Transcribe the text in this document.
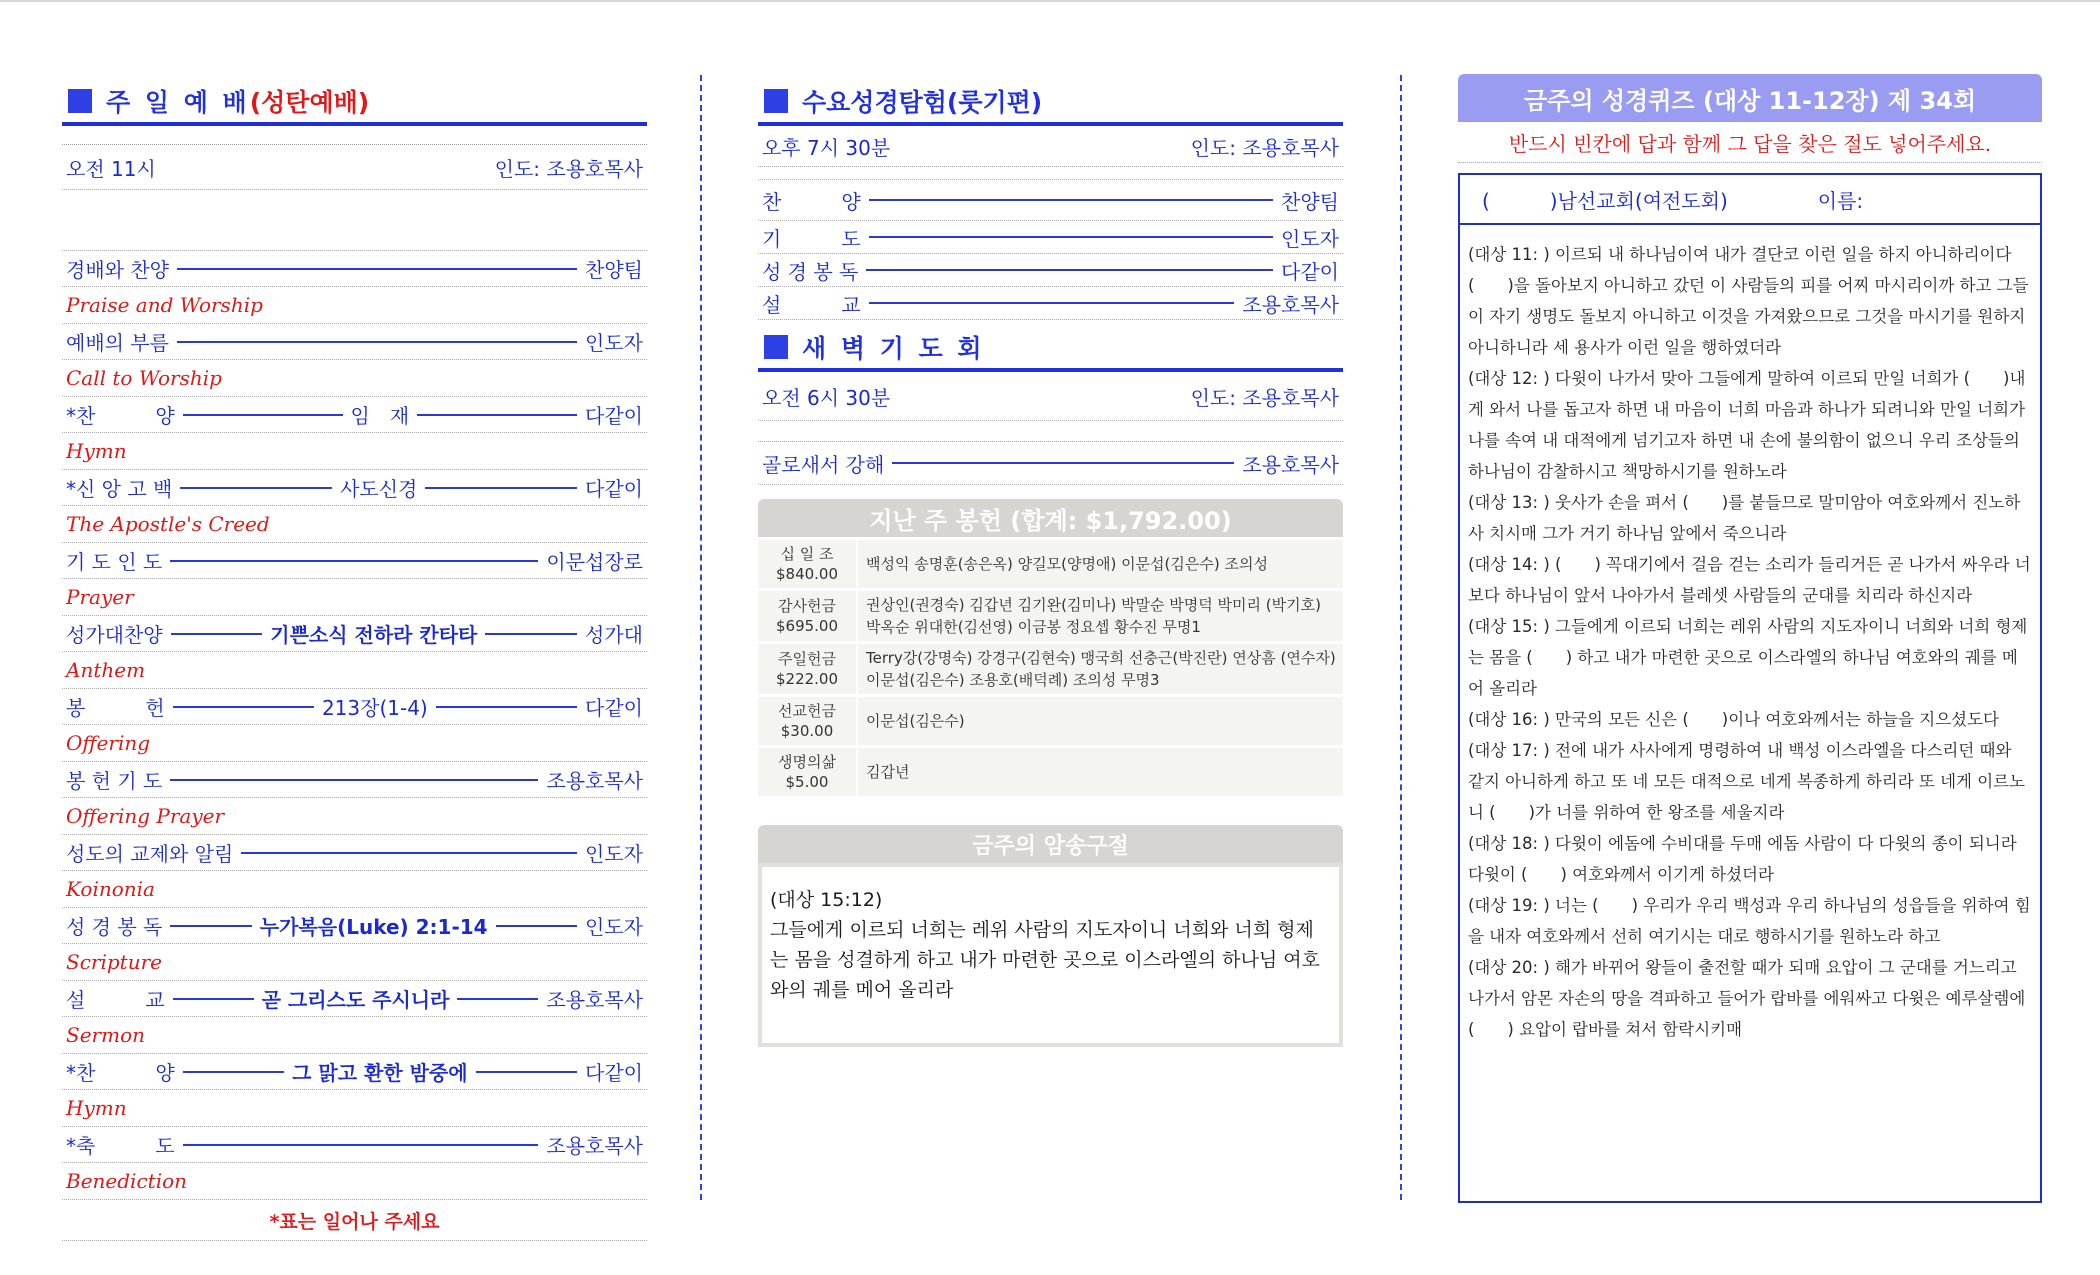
주 일 예 배 (성탄예배)
오전 11시	인도: 조용호목사
경배와 찬양	찬양팀
Praise and Worship
예배의 부름	인도자
Call to Worship
*찬　　　양	임　재	다같이
Hymn
*신 앙 고 백	사도신경	다같이
The Apostle's Creed
기 도 인 도	이문섭장로
Prayer
성가대찬양	기쁜소식 전하라 칸타타	성가대
Anthem
봉　　　헌	213장(1-4)	다같이
Offering
봉 헌 기 도	조용호목사
Offering Prayer
성도의 교제와 알림	인도자
Koinonia
성 경 봉 독	누가복음(Luke) 2:1-14	인도자
Scripture
설　　　교	곧 그리스도 주시니라	조용호목사
Sermon
*찬　　　양	그 맑고 환한 밤중에	다같이
Hymn
*축　　　도	조용호목사
Benediction
*표는 일어나 주세요
수요성경탐험(룻기편)
오후 7시 30분	인도: 조용호목사
찬　　　양	찬양팀
기　　　도	인도자
성 경 봉 독	다같이
설　　　교	조용호목사
새 벽 기 도 회
오전 6시 30분	인도: 조용호목사
골로새서 강해	조용호목사
지난 주 봉헌 (합계: $1,792.00)
십 일 조
$840.00	백성익 송명훈(송은옥) 양길모(양명애) 이문섭(김은수) 조의성

감사헌금
$695.00	권상인(권경숙) 김갑년 김기완(김미나) 박말순 박명덕 박미리 (박기호) 박옥순 위대한(김선영) 이금봉 정요셉 황수진 무명1

주일헌금
$222.00	Terry강(강명숙) 강경구(김현숙) 맹국희 선충근(박진란) 연상흠 (연수자) 이문섭(김은수) 조용호(배덕례) 조의성 무명3

선교헌금
$30.00	이문섭(김은수)

생명의삶
$5.00	김갑년
금주의 암송구절
(대상 15:12)
그들에게 이르되 너희는 레위 사람의 지도자이니 너희와 너희 형제는 몸을 성결하게 하고 내가 마련한 곳으로 이스라엘의 하나님 여호와의 궤를 메어 올리라
금주의 성경퀴즈 (대상 11-12장) 제 34회
반드시 빈칸에 답과 함께 그 답을 찾은 절도 넣어주세요.
(　　　)남선교회(여전도회)	이름:

(대상 11: ) 이르되 내 하나님이여 내가 결단코 이런 일을 하지 아니하리이다 (　　)을 돌아보지 아니하고 갔던 이 사람들의 피를 어찌 마시리이까 하고 그들이 자기 생명도 돌보지 아니하고 이것을 가져왔으므로 그것을 마시기를 원하지 아니하니라 세 용사가 이런 일을 행하였더라

(대상 12: ) 다윗이 나가서 맞아 그들에게 말하여 이르되 만일 너희가 (　　)내게 와서 나를 돕고자 하면 내 마음이 너희 마음과 하나가 되려니와 만일 너희가 나를 속여 내 대적에게 넘기고자 하면 내 손에 불의함이 없으니 우리 조상들의 하나님이 감찰하시고 책망하시기를 원하노라

(대상 13: ) 웃사가 손을 펴서 (　　)를 붙들므로 말미암아 여호와께서 진노하사 치시매 그가 거기 하나님 앞에서 죽으니라

(대상 14: ) (　　) 꼭대기에서 걸음 걷는 소리가 들리거든 곧 나가서 싸우라 너보다 하나님이 앞서 나아가서 블레셋 사람들의 군대를 치리라 하신지라

(대상 15: ) 그들에게 이르되 너희는 레위 사람의 지도자이니 너희와 너희 형제는 몸을 (　　) 하고 내가 마련한 곳으로 이스라엘의 하나님 여호와의 궤를 메어 올리라

(대상 16: ) 만국의 모든 신은 (　　)이나 여호와께서는 하늘을 지으셨도다

(대상 17: ) 전에 내가 사사에게 명령하여 내 백성 이스라엘을 다스리던 때와 같지 아니하게 하고 또 네 모든 대적으로 네게 복종하게 하리라 또 네게 이르노니 (　　)가 너를 위하여 한 왕조를 세울지라

(대상 18: ) 다윗이 에돔에 수비대를 두매 에돔 사람이 다 다윗의 종이 되니라 다윗이 (　　) 여호와께서 이기게 하셨더라

(대상 19: ) 너는 (　　) 우리가 우리 백성과 우리 하나님의 성읍들을 위하여 힘을 내자 여호와께서 선히 여기시는 대로 행하시기를 원하노라 하고

(대상 20: ) 해가 바뀌어 왕들이 출전할 때가 되매 요압이 그 군대를 거느리고 나가서 암몬 자손의 땅을 격파하고 들어가 랍바를 에워싸고 다윗은 예루살렘에 (　　) 요압이 랍바를 쳐서 함락시키매
